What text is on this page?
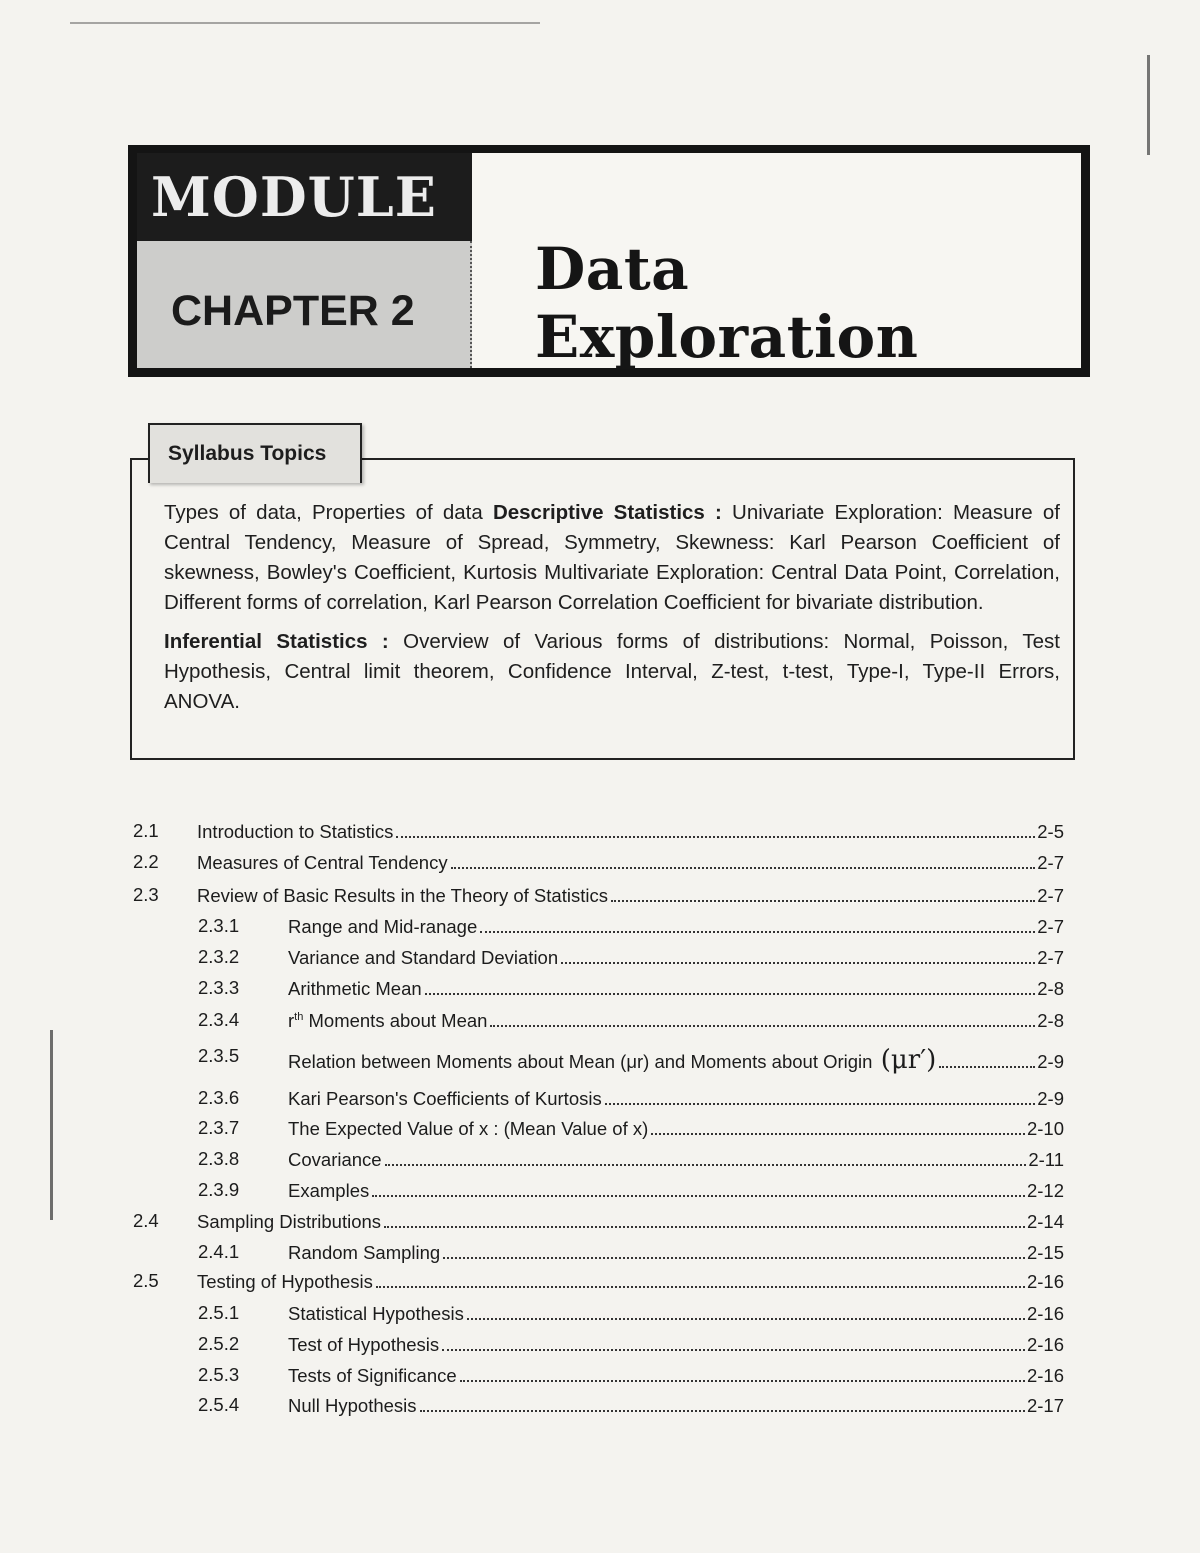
MODULE
CHAPTER 2
Data Exploration
Syllabus Topics

Types of data, Properties of data Descriptive Statistics : Univariate Exploration: Measure of Central Tendency, Measure of Spread, Symmetry, Skewness: Karl Pearson Coefficient of skewness, Bowley's Coefficient, Kurtosis Multivariate Exploration: Central Data Point, Correlation, Different forms of correlation, Karl Pearson Correlation Coefficient for bivariate distribution.

Inferential Statistics : Overview of Various forms of distributions: Normal, Poisson, Test Hypothesis, Central limit theorem, Confidence Interval, Z-test, t-test, Type-I, Type-II Errors, ANOVA.

2.1 Introduction to Statistics	2-5
2.2 Measures of Central Tendency	2-7
2.3 Review of Basic Results in the Theory of Statistics	2-7
2.3.1	Range and Mid-ranage	2-7
2.3.2	Variance and Standard Deviation	2-7
2.3.3	Arithmetic Mean	2-8
2.3.4	$r^{th}$ Moments about Mean	2-8
2.3.5	Relation between Moments about Mean (μr) and Moments about Origin (μr′)	2-9
2.3.6	Kari Pearson's Coefficients of Kurtosis	2-9
2.3.7	The Expected Value of x : (Mean Value of x)	2-10
2.3.8	Covariance	2-11
2.3.9	Examples	2-12
2.4 Sampling Distributions	2-14
2.4.1	Random Sampling	2-15
2.5 Testing of Hypothesis	2-16
2.5.1	Statistical Hypothesis	2-16
2.5.2	Test of Hypothesis	2-16
2.5.3	Tests of Significance	2-16
2.5.4	Null Hypothesis	2-17
